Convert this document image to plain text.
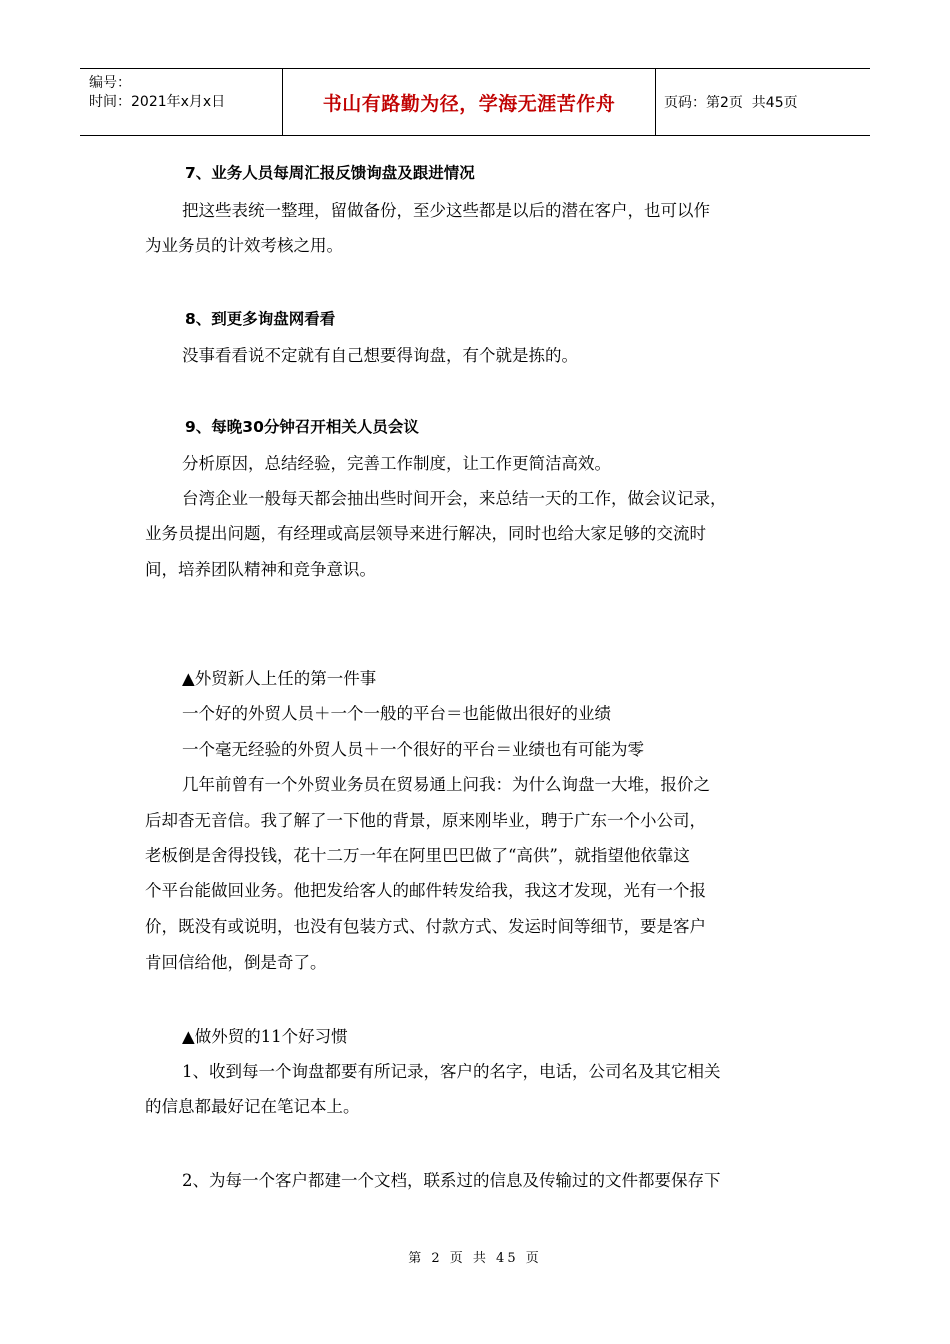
编号：
时间：2021年x月x日	书山有路勤为径，学海无涯苦作舟	页码：第2页  共45页
7、业务人员每周汇报反馈询盘及跟进情况
把这些表统一整理，留做备份，至少这些都是以后的潜在客户，也可以作
为业务员的计效考核之用。
8、到更多询盘网看看
没事看看说不定就有自己想要得询盘，有个就是拣的。
9、每晚30分钟召开相关人员会议
分析原因，总结经验，完善工作制度，让工作更简洁高效。
台湾企业一般每天都会抽出些时间开会，来总结一天的工作，做会议记录，
业务员提出问题，有经理或高层领导来进行解决，同时也给大家足够的交流时
间，培养团队精神和竞争意识。
▲外贸新人上任的第一件事
一个好的外贸人员＋一个一般的平台＝也能做出很好的业绩
一个毫无经验的外贸人员＋一个很好的平台＝业绩也有可能为零
几年前曾有一个外贸业务员在贸易通上问我：为什么询盘一大堆，报价之
后却杳无音信。我了解了一下他的背景，原来刚毕业，聘于广东一个小公司，
老板倒是舍得投钱，花十二万一年在阿里巴巴做了“高供”，就指望他依靠这
个平台能做回业务。他把发给客人的邮件转发给我，我这才发现，光有一个报
价，既没有或说明，也没有包装方式、付款方式、发运时间等细节，要是客户
肯回信给他，倒是奇了。
▲做外贸的11个好习惯
1、收到每一个询盘都要有所记录，客户的名字，电话，公司名及其它相关
的信息都最好记在笔记本上。
2、为每一个客户都建一个文档，联系过的信息及传输过的文件都要保存下
第 2 页 共 45 页
